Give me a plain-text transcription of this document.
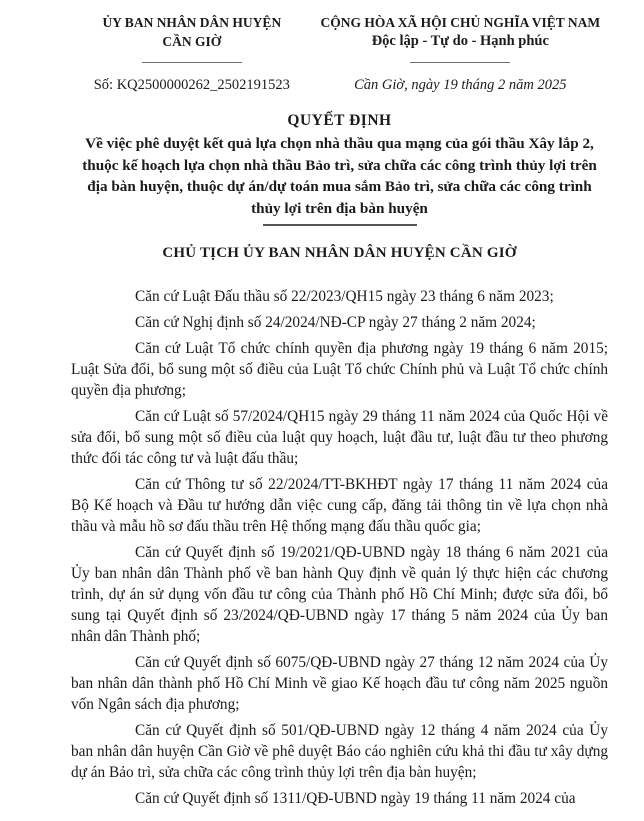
ỦY BAN NHÂN DÂN HUYỆN
CẦN GIỜ
Số: KQ2500000262_2502191523
CỘNG HÒA XÃ HỘI CHỦ NGHĨA VIỆT NAM
Độc lập - Tự do - Hạnh phúc
Cần Giờ, ngày 19 tháng 2 năm 2025
QUYẾT ĐỊNH
Về việc phê duyệt kết quả lựa chọn nhà thầu qua mạng của gói thầu Xây lắp 2, thuộc kế hoạch lựa chọn nhà thầu Bảo trì, sửa chữa các công trình thủy lợi trên địa bàn huyện, thuộc dự án/dự toán mua sắm Bảo trì, sửa chữa các công trình thủy lợi trên địa bàn huyện
CHỦ TỊCH ỦY BAN NHÂN DÂN HUYỆN CẦN GIỜ

Căn cứ Luật Đấu thầu số 22/2023/QH15 ngày 23 tháng 6 năm 2023;

Căn cứ Nghị định số 24/2024/NĐ-CP ngày 27 tháng 2 năm 2024;

Căn cứ Luật Tổ chức chính quyền địa phương ngày 19 tháng 6 năm 2015; Luật Sửa đổi, bổ sung một số điều của Luật Tổ chức Chính phủ và Luật Tổ chức chính quyền địa phương;

Căn cứ Luật số 57/2024/QH15 ngày 29 tháng 11 năm 2024 của Quốc Hội về sửa đổi, bổ sung một số điều của luật quy hoạch, luật đầu tư, luật đầu tư theo phương thức đối tác công tư và luật đấu thầu;

Căn cứ Thông tư số 22/2024/TT-BKHĐT ngày 17 tháng 11 năm 2024 của Bộ Kế hoạch và Đầu tư hướng dẫn việc cung cấp, đăng tải thông tin về lựa chọn nhà thầu và mẫu hồ sơ đấu thầu trên Hệ thống mạng đấu thầu quốc gia;

Căn cứ Quyết định số 19/2021/QĐ-UBND ngày 18 tháng 6 năm 2021 của Ủy ban nhân dân Thành phố về ban hành Quy định về quản lý thực hiện các chương trình, dự án sử dụng vốn đầu tư công của Thành phố Hồ Chí Minh; được sửa đổi, bổ sung tại Quyết định số 23/2024/QĐ-UBND ngày 17 tháng 5 năm 2024 của Ủy ban nhân dân Thành phố;

Căn cứ Quyết định số 6075/QĐ-UBND ngày 27 tháng 12 năm 2024 của Ủy ban nhân dân thành phố Hồ Chí Minh về giao Kế hoạch đầu tư công năm 2025 nguồn vốn Ngân sách địa phương;

Căn cứ Quyết định số 501/QĐ-UBND ngày 12 tháng 4 năm 2024 của Ủy ban nhân dân huyện Cần Giờ về phê duyệt Báo cáo nghiên cứu khả thi đầu tư xây dựng dự án Bảo trì, sửa chữa các công trình thủy lợi trên địa bàn huyện;

Căn cứ Quyết định số 1311/QĐ-UBND ngày 19 tháng 11 năm 2024 của
